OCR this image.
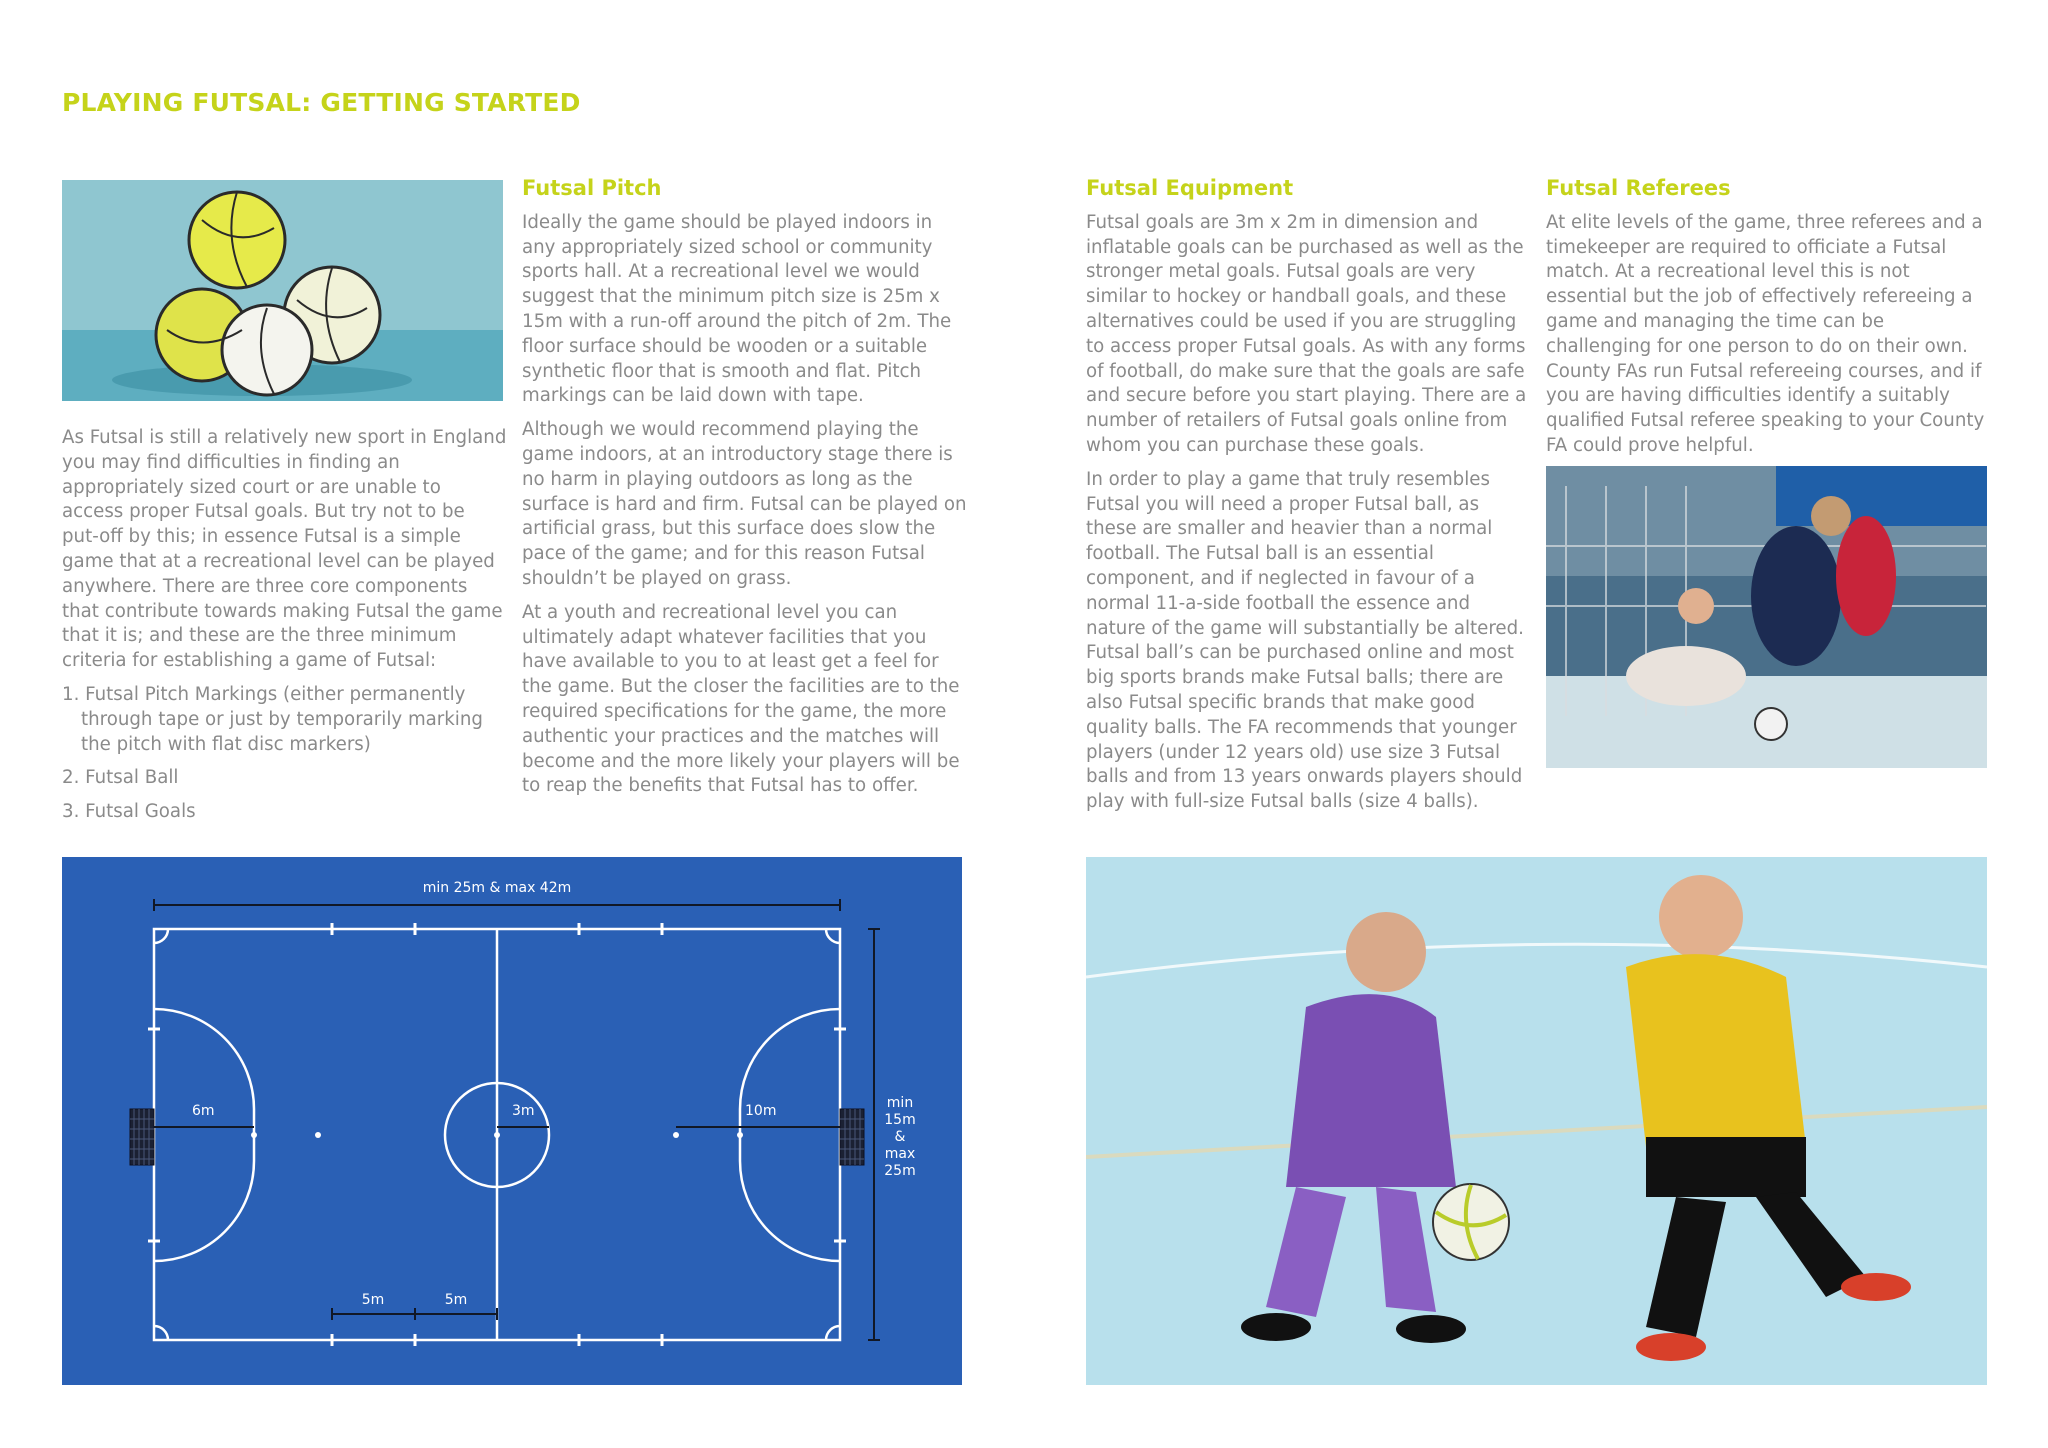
PLAYING FUTSAL: GETTING STARTED

As Futsal is still a relatively new sport in England you may find difficulties in finding an appropriately sized court or are unable to access proper Futsal goals. But try not to be put-off by this; in essence Futsal is a simple game that at a recreational level can be played anywhere. There are three core components that contribute towards making Futsal the game that it is; and these are the three minimum criteria for establishing a game of Futsal:

1. Futsal Pitch Markings (either permanently through tape or just by temporarily marking the pitch with flat disc markers)
2. Futsal Ball
3. Futsal Goals
Futsal Pitch

Ideally the game should be played indoors in any appropriately sized school or community sports hall. At a recreational level we would suggest that the minimum pitch size is 25m x 15m with a run-off around the pitch of 2m. The floor surface should be wooden or a suitable synthetic floor that is smooth and flat. Pitch markings can be laid down with tape.

Although we would recommend playing the game indoors, at an introductory stage there is no harm in playing outdoors as long as the surface is hard and firm. Futsal can be played on artificial grass, but this surface does slow the pace of the game; and for this reason Futsal shouldn’t be played on grass.

At a youth and recreational level you can ultimately adapt whatever facilities that you have available to you to at least get a feel for the game. But the closer the facilities are to the required specifications for the game, the more authentic your practices and the matches will become and the more likely your players will be to reap the benefits that Futsal has to offer.

Futsal Equipment

Futsal goals are 3m x 2m in dimension and inflatable goals can be purchased as well as the stronger metal goals. Futsal goals are very similar to hockey or handball goals, and these alternatives could be used if you are struggling to access proper Futsal goals. As with any forms of football, do make sure that the goals are safe and secure before you start playing. There are a number of retailers of Futsal goals online from whom you can purchase these goals.

In order to play a game that truly resembles Futsal you will need a proper Futsal ball, as these are smaller and heavier than a normal football. The Futsal ball is an essential component, and if neglected in favour of a normal 11-a-side football the essence and nature of the game will substantially be altered. Futsal ball’s can be purchased online and most big sports brands make Futsal balls; there are also Futsal specific brands that make good quality balls. The FA recommends that younger players (under 12 years old) use size 3 Futsal balls and from 13 years onwards players should play with full-size Futsal balls (size 4 balls).

Futsal Referees

At elite levels of the game, three referees and a timekeeper are required to officiate a Futsal match. At a recreational level this is not essential but the job of effectively refereeing a game and managing the time can be challenging for one person to do on their own. County FAs run Futsal refereeing courses, and if you are having difficulties identify a suitably qualified Futsal referee speaking to your County FA could prove helpful.

min 25m & max 42m
6m	3m	10m
5m	5m
min
15m
&
max
25m
